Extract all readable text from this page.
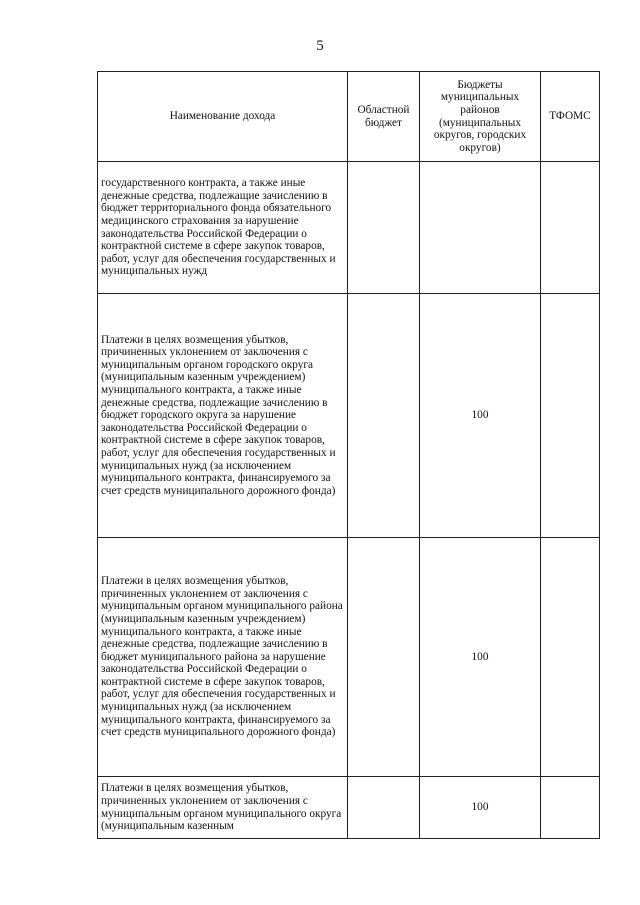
5
Наименование дохода	Областной бюджет	Бюджеты муниципальных районов (муниципальных округов, городских округов)	ТФОМС
государственного контракта, а также иные денежные средства, подлежащие зачислению в бюджет территориального фонда обязательного медицинского страхования за нарушение законодательства Российской Федерации о контрактной системе в сфере закупок товаров, работ, услуг для обеспечения государственных и муниципальных нужд			
Платежи в целях возмещения убытков, причиненных уклонением от заключения с муниципальным органом городского округа (муниципальным казенным учреждением) муниципального контракта, а также иные денежные средства, подлежащие зачислению в бюджет городского округа за нарушение законодательства Российской Федерации о контрактной системе в сфере закупок товаров, работ, услуг для обеспечения государственных и муниципальных нужд (за исключением муниципального контракта, финансируемого за счет средств муниципального дорожного фонда)		100	
Платежи в целях возмещения убытков, причиненных уклонением от заключения с муниципальным органом муниципального района (муниципальным казенным учреждением) муниципального контракта, а также иные денежные средства, подлежащие зачислению в бюджет муниципального района за нарушение законодательства Российской Федерации о контрактной системе в сфере закупок товаров, работ, услуг для обеспечения государственных и муниципальных нужд (за исключением муниципального контракта, финансируемого за счет средств муниципального дорожного фонда)		100	
Платежи в целях возмещения убытков, причиненных уклонением от заключения с муниципальным органом муниципального округа (муниципальным казенным		100	
